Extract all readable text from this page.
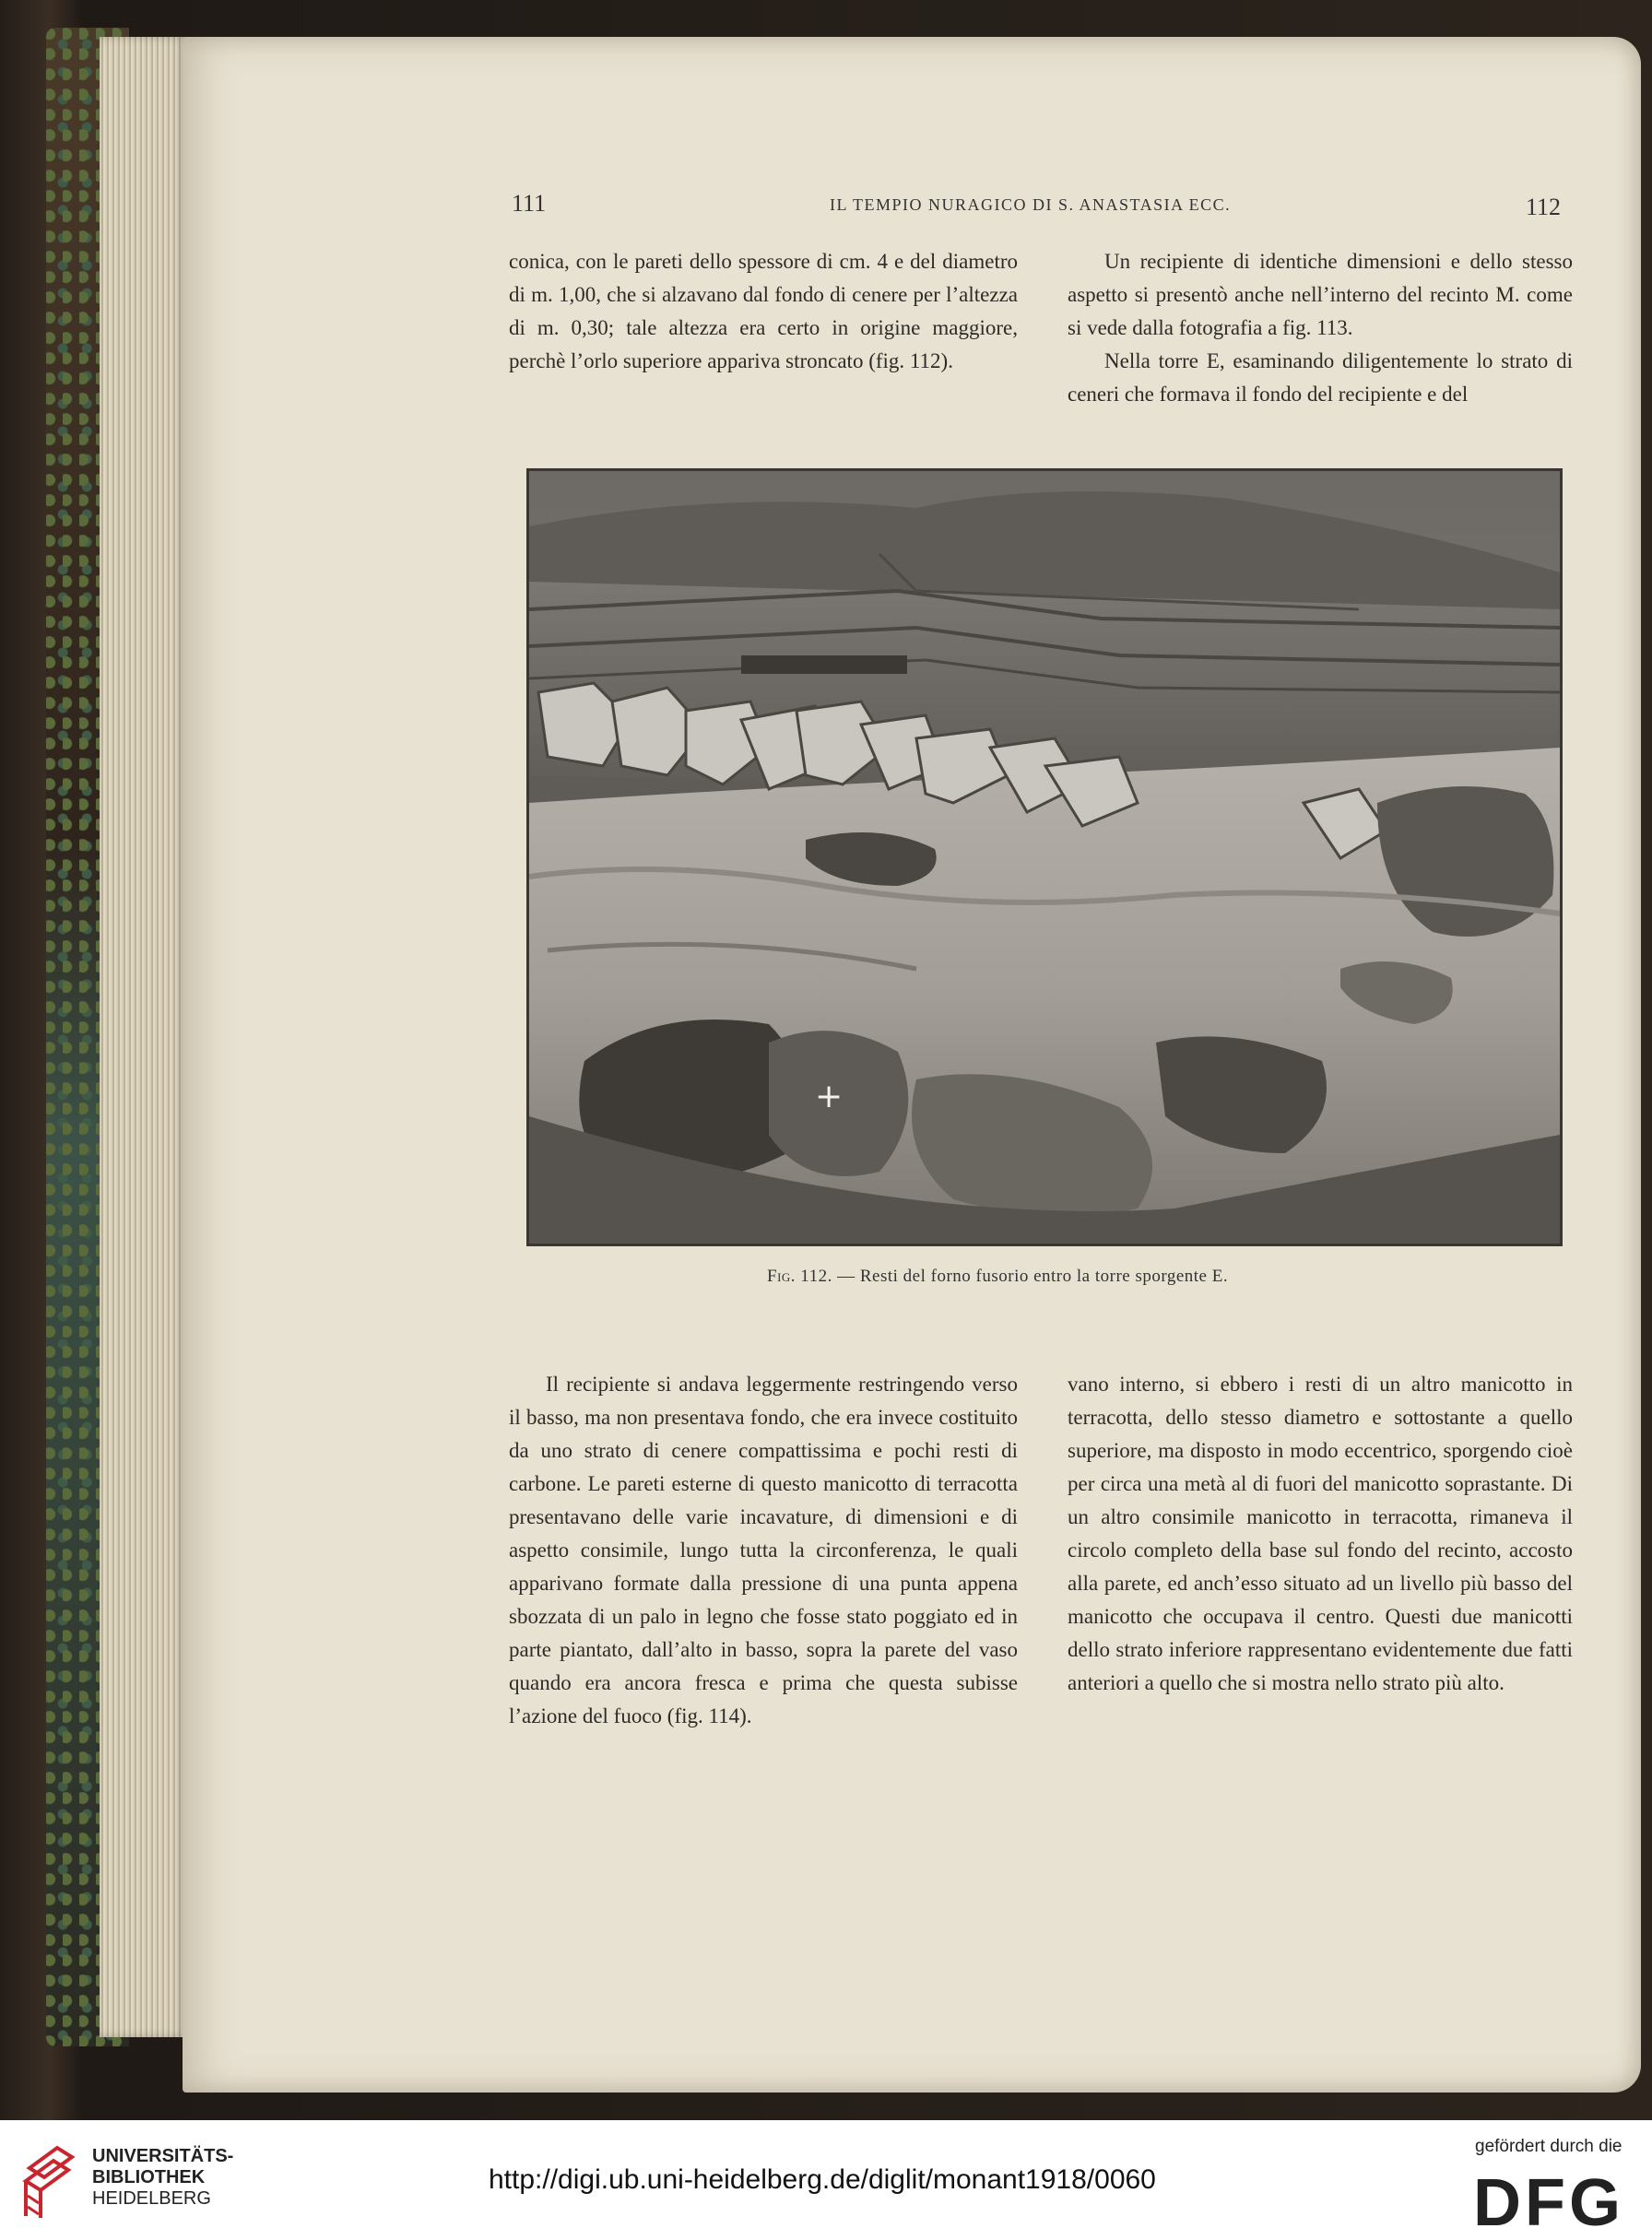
111	IL TEMPIO NURAGICO DI S. ANASTASIA ECC.	112

conica, con le pareti dello spessore di cm. 4 e del diametro di m. 1,00, che si alzavano dal fondo di cenere per l’altezza di m. 0,30; tale altezza era certo in origine maggiore, perchè l’orlo superiore appariva stroncato (fig. 112).

Un recipiente di identiche dimensioni e dello stesso aspetto si presentò anche nell’interno del recinto M. come si vede dalla fotografia a fig. 113.

Nella torre E, esaminando diligentemente lo strato di ceneri che formava il fondo del recipiente e del

+
Fig. 112. — Resti del forno fusorio entro la torre sporgente E.

Il recipiente si andava leggermente restringendo verso il basso, ma non presentava fondo, che era invece costituito da uno strato di cenere compattissima e pochi resti di carbone. Le pareti esterne di questo manicotto di terracotta presentavano delle varie incavature, di dimensioni e di aspetto consimile, lungo tutta la circonferenza, le quali apparivano formate dalla pressione di una punta appena sbozzata di un palo in legno che fosse stato poggiato ed in parte piantato, dall’alto in basso, sopra la parete del vaso quando era ancora fresca e prima che questa subisse l’azione del fuoco (fig. 114).

vano interno, si ebbero i resti di un altro manicotto in terracotta, dello stesso diametro e sottostante a quello superiore, ma disposto in modo eccentrico, sporgendo cioè per circa una metà al di fuori del manicotto soprastante. Di un altro consimile manicotto in terracotta, rimaneva il circolo completo della base sul fondo del recinto, accosto alla parete, ed anch’esso situato ad un livello più basso del manicotto che occupava il centro. Questi due manicotti dello strato inferiore rappresentano evidentemente due fatti anteriori a quello che si mostra nello strato più alto.

UNIVERSITÄTS-
BIBLIOTHEK
HEIDELBERG
http://digi.ub.uni-heidelberg.de/diglit/monant1918/0060
gefördert durch die
DFG
